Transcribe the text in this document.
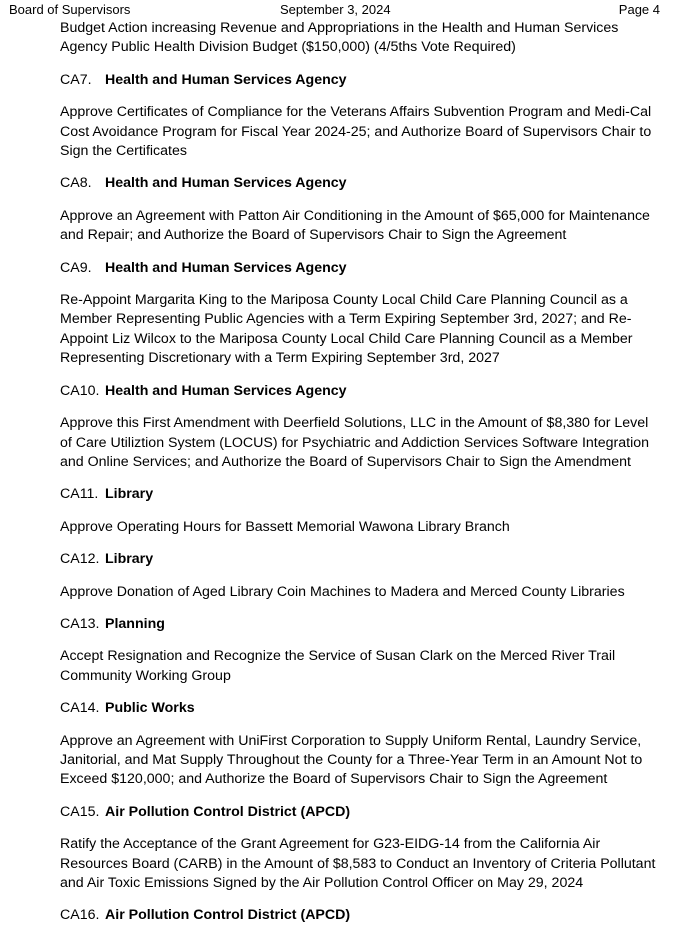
Board of Supervisors	September 3, 2024	Page 4

Budget Action increasing Revenue and Appropriations in the Health and Human Services Agency Public Health Division Budget ($150,000) (4/5ths Vote Required)

CA7. Health and Human Services Agency

Approve Certificates of Compliance for the Veterans Affairs Subvention Program and Medi-Cal Cost Avoidance Program for Fiscal Year 2024-25; and Authorize Board of Supervisors Chair to Sign the Certificates

CA8. Health and Human Services Agency

Approve an Agreement with Patton Air Conditioning in the Amount of $65,000 for Maintenance and Repair; and Authorize the Board of Supervisors Chair to Sign the Agreement

CA9. Health and Human Services Agency

Re-Appoint Margarita King to the Mariposa County Local Child Care Planning Council as a Member Representing Public Agencies with a Term Expiring September 3rd, 2027; and Re-Appoint Liz Wilcox to the Mariposa County Local Child Care Planning Council as a Member Representing Discretionary with a Term Expiring September 3rd, 2027

CA10. Health and Human Services Agency

Approve this First Amendment with Deerfield Solutions, LLC in the Amount of $8,380 for Level of Care Utiliztion System (LOCUS) for Psychiatric and Addiction Services Software Integration and Online Services; and Authorize the Board of Supervisors Chair to Sign the Amendment

CA11. Library

Approve Operating Hours for Bassett Memorial Wawona Library Branch

CA12. Library

Approve Donation of Aged Library Coin Machines to Madera and Merced County Libraries

CA13. Planning

Accept Resignation and Recognize the Service of Susan Clark on the Merced River Trail Community Working Group

CA14. Public Works

Approve an Agreement with UniFirst Corporation to Supply Uniform Rental, Laundry Service, Janitorial, and Mat Supply Throughout the County for a Three-Year Term in an Amount Not to Exceed $120,000; and Authorize the Board of Supervisors Chair to Sign the Agreement

CA15. Air Pollution Control District (APCD)

Ratify the Acceptance of the Grant Agreement for G23-EIDG-14 from the California Air Resources Board (CARB) in the Amount of $8,583 to Conduct an Inventory of Criteria Pollutant and Air Toxic Emissions Signed by the Air Pollution Control Officer on May 29, 2024

CA16. Air Pollution Control District (APCD)
